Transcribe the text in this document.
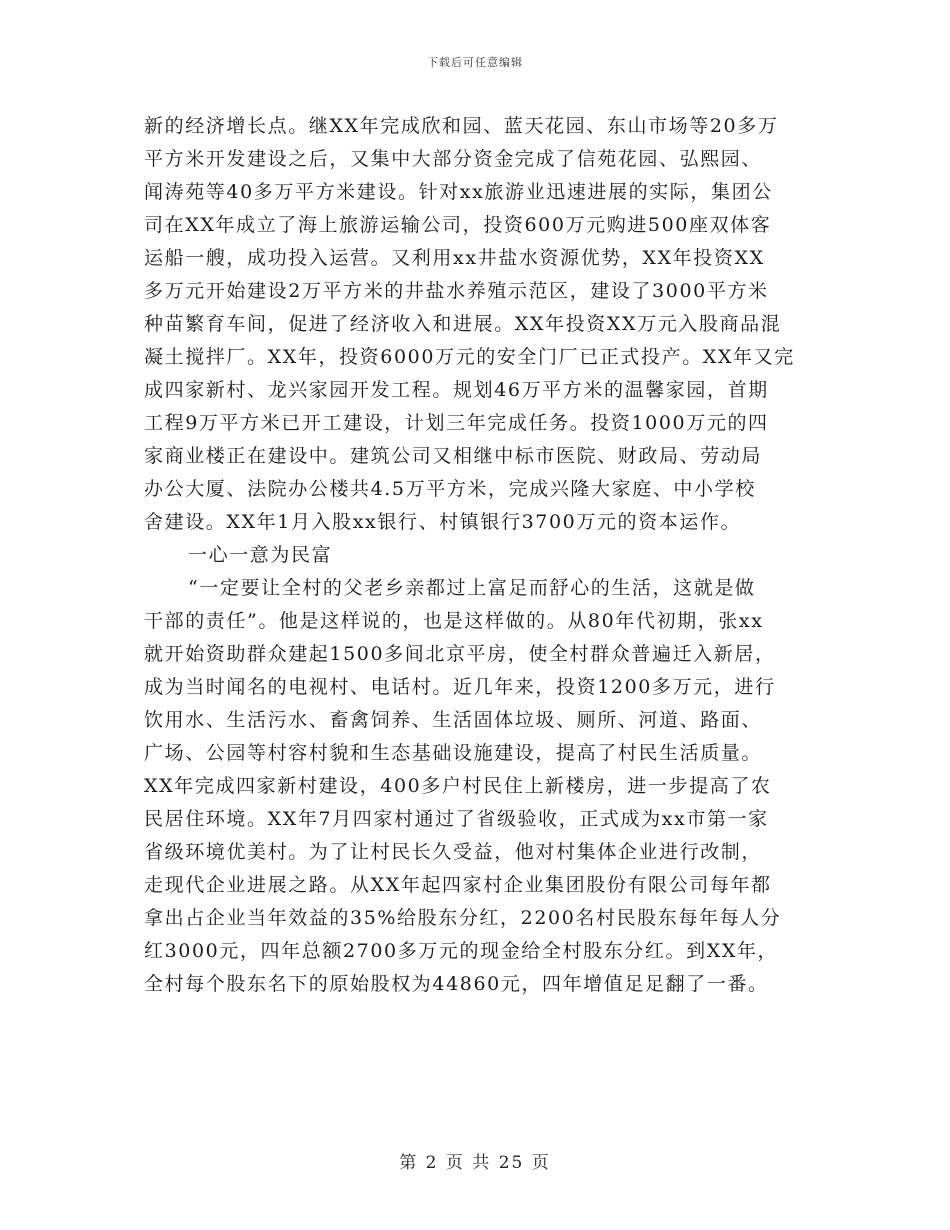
下载后可任意编辑
新的经济增长点。继XX年完成欣和园、蓝天花园、东山市场等20多万
平方米开发建设之后，又集中大部分资金完成了信苑花园、弘熙园、
闻涛苑等40多万平方米建设。针对xx旅游业迅速进展的实际，集团公
司在XX年成立了海上旅游运输公司，投资600万元购进500座双体客
运船一艘，成功投入运营。又利用xx井盐水资源优势，XX年投资XX
多万元开始建设2万平方米的井盐水养殖示范区，建设了3000平方米
种苗繁育车间，促进了经济收入和进展。XX年投资XX万元入股商品混
凝土搅拌厂。XX年，投资6000万元的安全门厂已正式投产。XX年又完
成四家新村、龙兴家园开发工程。规划46万平方米的温馨家园，首期
工程9万平方米已开工建设，计划三年完成任务。投资1000万元的四
家商业楼正在建设中。建筑公司又相继中标市医院、财政局、劳动局
办公大厦、法院办公楼共4.5万平方米，完成兴隆大家庭、中小学校
舍建设。XX年1月入股xx银行、村镇银行3700万元的资本运作。
一心一意为民富
“一定要让全村的父老乡亲都过上富足而舒心的生活，这就是做
干部的责任”。他是这样说的，也是这样做的。从80年代初期，张xx
就开始资助群众建起1500多间北京平房，使全村群众普遍迁入新居，
成为当时闻名的电视村、电话村。近几年来，投资1200多万元，进行
饮用水、生活污水、畜禽饲养、生活固体垃圾、厕所、河道、路面、
广场、公园等村容村貌和生态基础设施建设，提高了村民生活质量。
XX年完成四家新村建设，400多户村民住上新楼房，进一步提高了农
民居住环境。XX年7月四家村通过了省级验收，正式成为xx市第一家
省级环境优美村。为了让村民长久受益，他对村集体企业进行改制，
走现代企业进展之路。从XX年起四家村企业集团股份有限公司每年都
拿出占企业当年效益的35%给股东分红，2200名村民股东每年每人分
红3000元，四年总额2700多万元的现金给全村股东分红。到XX年，
全村每个股东名下的原始股权为44860元，四年增值足足翻了一番。
第 2 页 共 25 页
